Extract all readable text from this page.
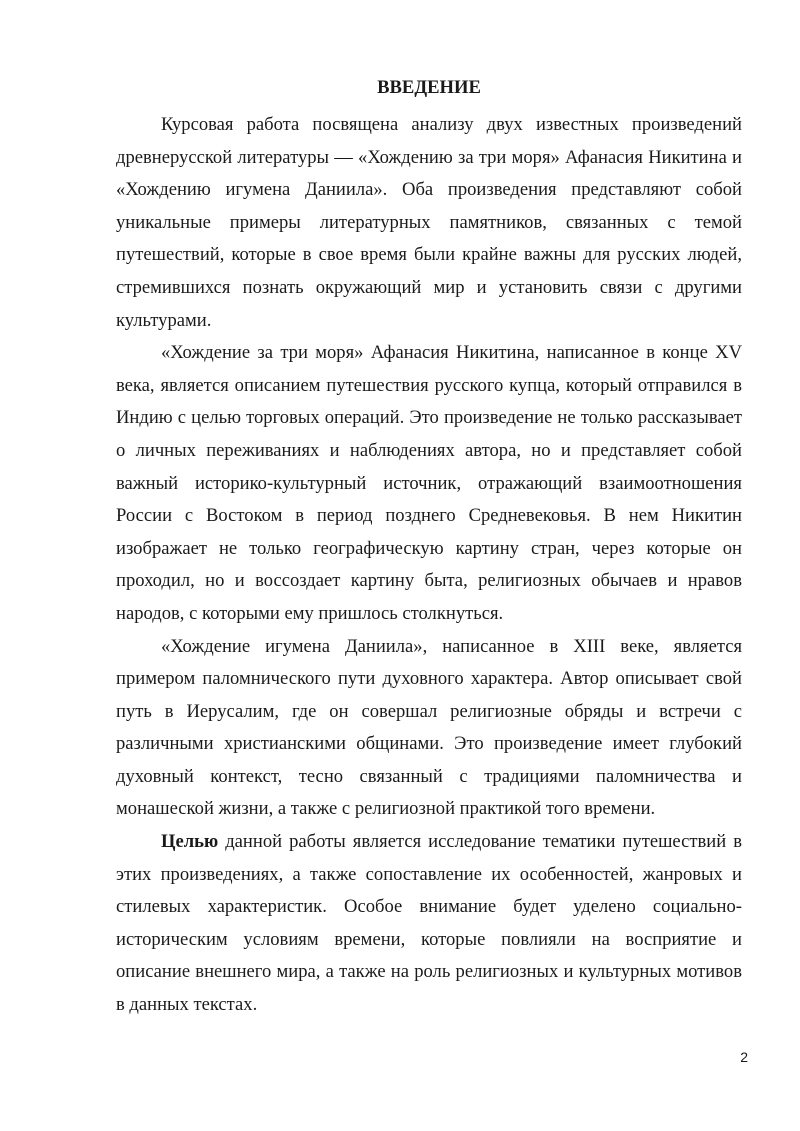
ВВЕДЕНИЕ

Курсовая работа посвящена анализу двух известных произведений древнерусской литературы — «Хождению за три моря» Афанасия Никитина и «Хождению игумена Даниила». Оба произведения представляют собой уникальные примеры литературных памятников, связанных с темой путешествий, которые в свое время были крайне важны для русских людей, стремившихся познать окружающий мир и установить связи с другими культурами.

«Хождение за три моря» Афанасия Никитина, написанное в конце XV века, является описанием путешествия русского купца, который отправился в Индию с целью торговых операций. Это произведение не только рассказывает о личных переживаниях и наблюдениях автора, но и представляет собой важный историко-культурный источник, отражающий взаимоотношения России с Востоком в период позднего Средневековья. В нем Никитин изображает не только географическую картину стран, через которые он проходил, но и воссоздает картину быта, религиозных обычаев и нравов народов, с которыми ему пришлось столкнуться.

«Хождение игумена Даниила», написанное в XIII веке, является примером паломнического пути духовного характера. Автор описывает свой путь в Иерусалим, где он совершал религиозные обряды и встречи с различными христианскими общинами. Это произведение имеет глубокий духовный контекст, тесно связанный с традициями паломничества и монашеской жизни, а также с религиозной практикой того времени.

Целью данной работы является исследование тематики путешествий в этих произведениях, а также сопоставление их особенностей, жанровых и стилевых характеристик. Особое внимание будет уделено социально-историческим условиям времени, которые повлияли на восприятие и описание внешнего мира, а также на роль религиозных и культурных мотивов в данных текстах.

2
